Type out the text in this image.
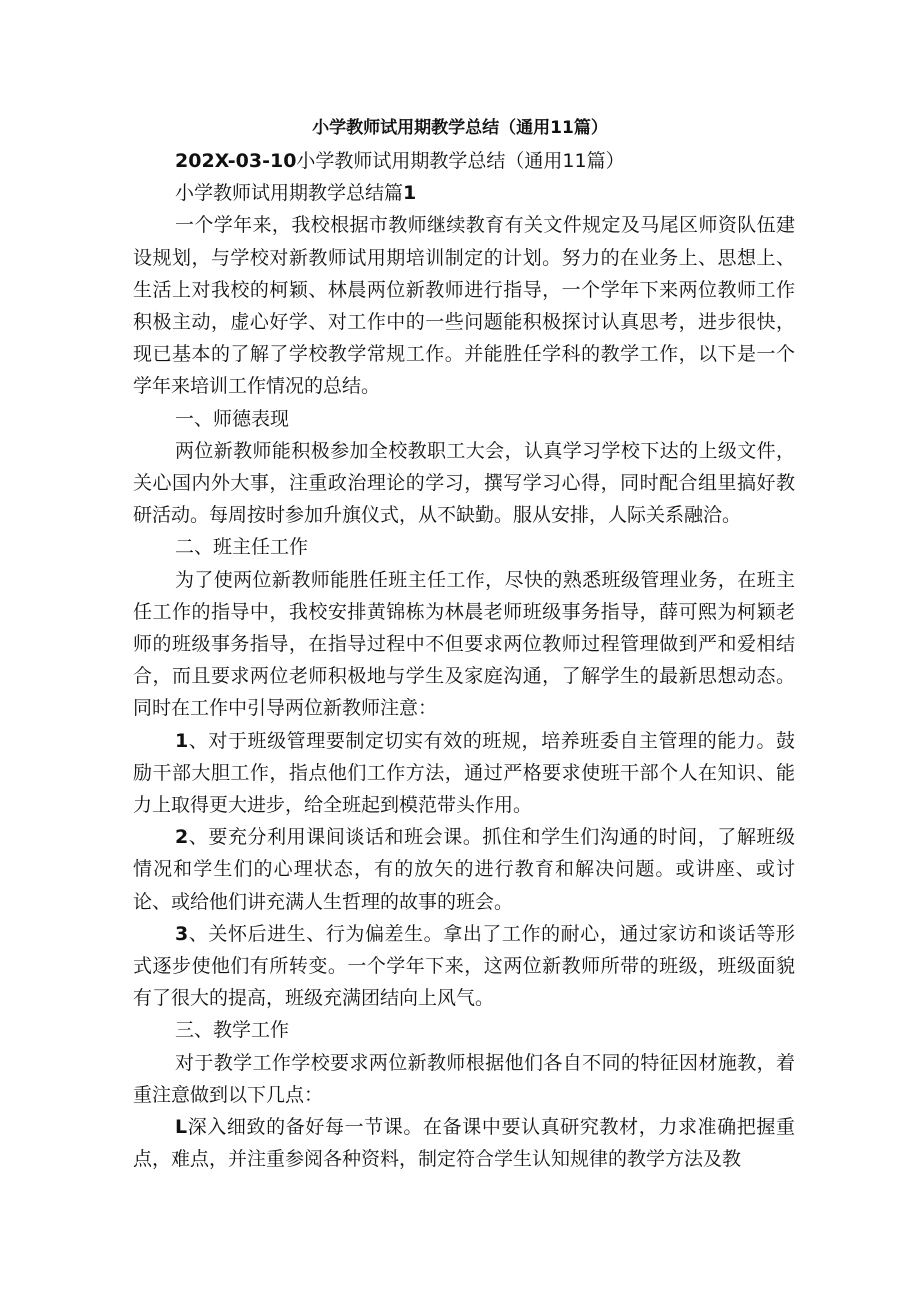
小学教师试用期教学总结（通用11篇）

202X-03-10小学教师试用期教学总结（通用11篇）

小学教师试用期教学总结篇1

一个学年来，我校根据市教师继续教育有关文件规定及马尾区师资队伍建设规划，与学校对新教师试用期培训制定的计划。努力的在业务上、思想上、生活上对我校的柯颖、林晨两位新教师进行指导，一个学年下来两位教师工作积极主动，虚心好学、对工作中的一些问题能积极探讨认真思考，进步很快，现已基本的了解了学校教学常规工作。并能胜任学科的教学工作，以下是一个学年来培训工作情况的总结。

一、师德表现

两位新教师能积极参加全校教职工大会，认真学习学校下达的上级文件，关心国内外大事，注重政治理论的学习，撰写学习心得，同时配合组里搞好教研活动。每周按时参加升旗仪式，从不缺勤。服从安排，人际关系融洽。

二、班主任工作

为了使两位新教师能胜任班主任工作，尽快的熟悉班级管理业务，在班主任工作的指导中，我校安排黄锦栋为林晨老师班级事务指导，薛可熙为柯颖老师的班级事务指导，在指导过程中不但要求两位教师过程管理做到严和爱相结合，而且要求两位老师积极地与学生及家庭沟通，了解学生的最新思想动态。同时在工作中引导两位新教师注意：

1、对于班级管理要制定切实有效的班规，培养班委自主管理的能力。鼓励干部大胆工作，指点他们工作方法，通过严格要求使班干部个人在知识、能力上取得更大进步，给全班起到模范带头作用。

2、要充分利用课间谈话和班会课。抓住和学生们沟通的时间，了解班级情况和学生们的心理状态，有的放矢的进行教育和解决问题。或讲座、或讨论、或给他们讲充满人生哲理的故事的班会。

3、关怀后进生、行为偏差生。拿出了工作的耐心，通过家访和谈话等形式逐步使他们有所转变。一个学年下来，这两位新教师所带的班级，班级面貌有了很大的提高，班级充满团结向上风气。

三、教学工作

对于教学工作学校要求两位新教师根据他们各自不同的特征因材施教，着重注意做到以下几点：

L深入细致的备好每一节课。在备课中要认真研究教材，力求准确把握重点，难点，并注重参阅各种资料，制定符合学生认知规律的教学方法及教
